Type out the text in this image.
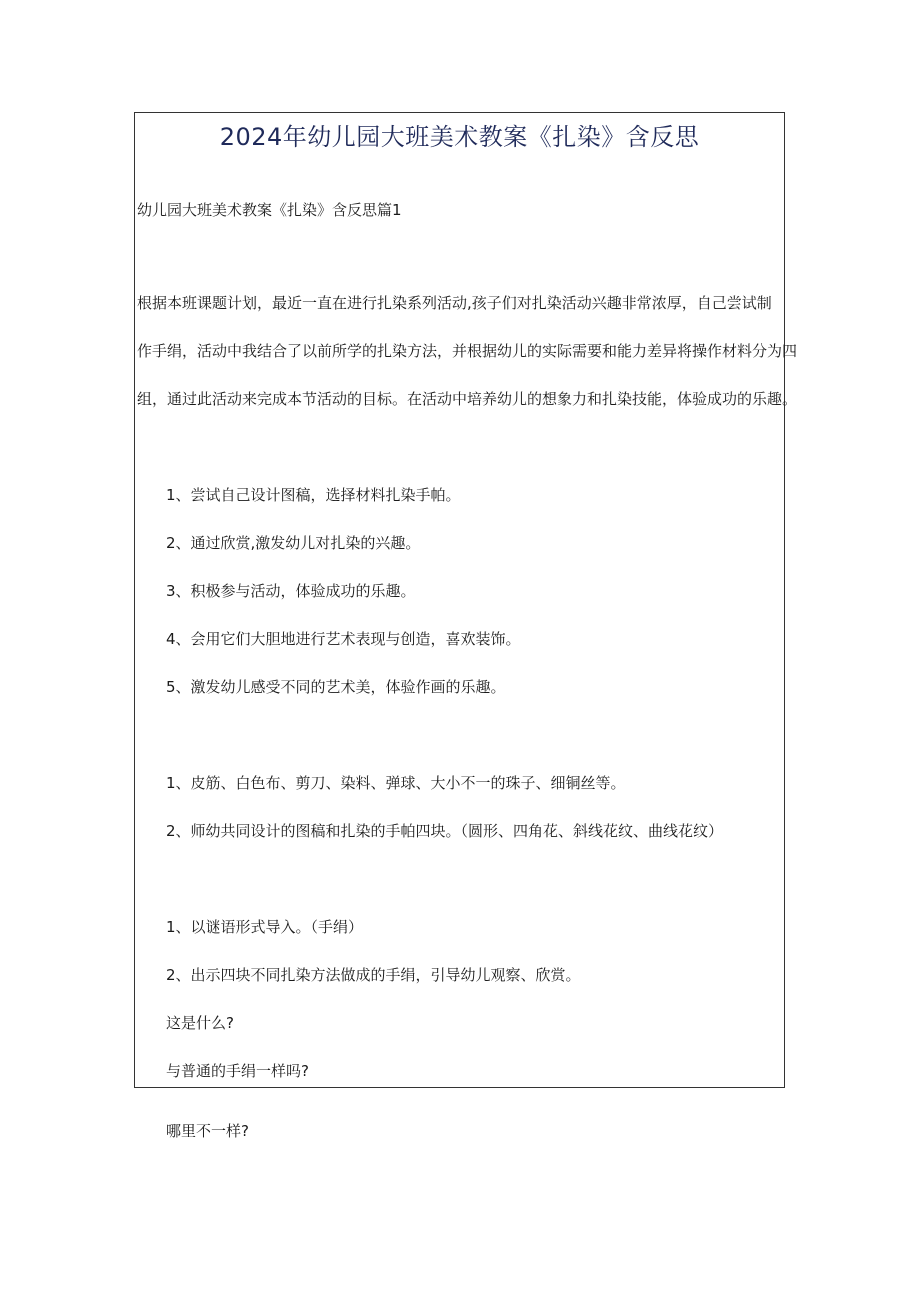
2024年幼儿园大班美术教案《扎染》含反思
幼儿园大班美术教案《扎染》含反思篇1
根据本班课题计划，最近一直在进行扎染系列活动,孩子们对扎染活动兴趣非常浓厚，自己尝试制
作手绢，活动中我结合了以前所学的扎染方法，并根据幼儿的实际需要和能力差异将操作材料分为四
组，通过此活动来完成本节活动的目标。在活动中培养幼儿的想象力和扎染技能，体验成功的乐趣。
1、尝试自己设计图稿，选择材料扎染手帕。
2、通过欣赏,激发幼儿对扎染的兴趣。
3、积极参与活动，体验成功的乐趣。
4、会用它们大胆地进行艺术表现与创造，喜欢装饰。
5、激发幼儿感受不同的艺术美，体验作画的乐趣。
1、皮筋、白色布、剪刀、染料、弹球、大小不一的珠子、细铜丝等。
2、师幼共同设计的图稿和扎染的手帕四块。（圆形、四角花、斜线花纹、曲线花纹）
1、以谜语形式导入。（手绢）
2、出示四块不同扎染方法做成的手绢，引导幼儿观察、欣赏。
这是什么?
与普通的手绢一样吗?
哪里不一样?
